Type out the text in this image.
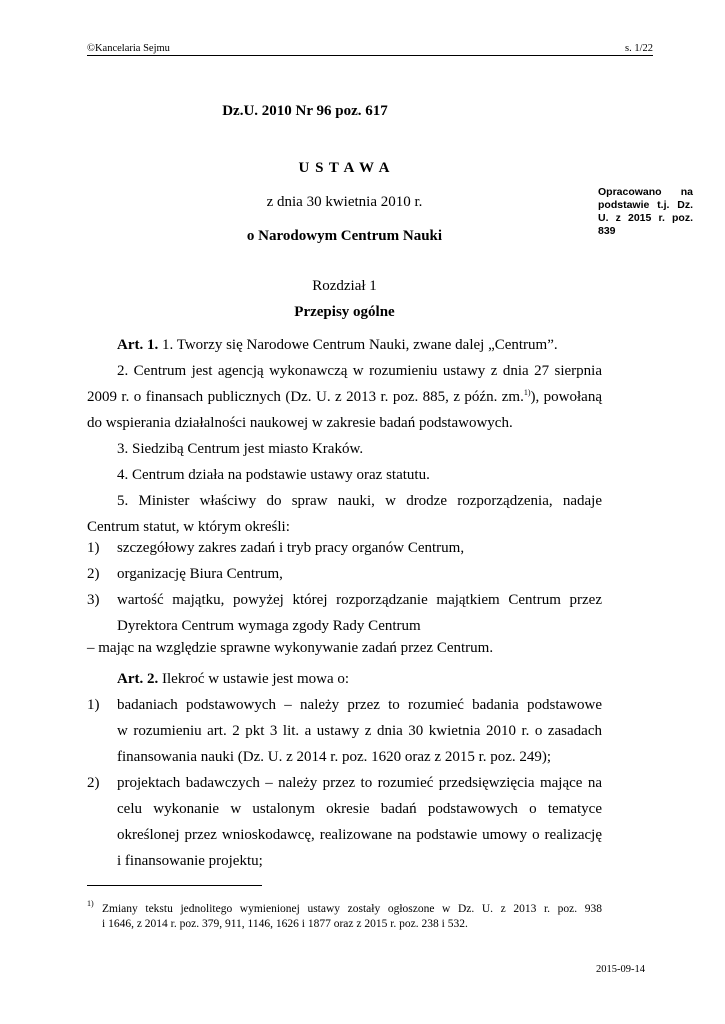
©Kancelaria Sejmu	s. 1/22
Dz.U. 2010 Nr 96 poz. 617
U S T A W A
z dnia 30 kwietnia 2010 r.
o Narodowym Centrum Nauki
Opracowano na
podstawie t.j. Dz.
U. z 2015 r. poz.
839
Rozdział 1
Przepisy ogólne
Art. 1. 1. Tworzy się Narodowe Centrum Nauki, zwane dalej „Centrum”.
2. Centrum jest agencją wykonawczą w rozumieniu ustawy z dnia 27 sierpnia
2009 r. o finansach publicznych (Dz. U. z 2013 r. poz. 885, z późn. zm.$^{1)}$), powołaną
do wspierania działalności naukowej w zakresie badań podstawowych.
3. Siedzibą Centrum jest miasto Kraków.
4. Centrum działa na podstawie ustawy oraz statutu.
5. Minister właściwy do spraw nauki, w drodze rozporządzenia, nadaje
Centrum statut, w którym określi:
1) szczegółowy zakres zadań i tryb pracy organów Centrum,
2) organizację Biura Centrum,
3) wartość majątku, powyżej której rozporządzanie majątkiem Centrum przez
Dyrektora Centrum wymaga zgody Rady Centrum
– mając na względzie sprawne wykonywanie zadań przez Centrum.
Art. 2. Ilekroć w ustawie jest mowa o:
1) badaniach podstawowych – należy przez to rozumieć badania podstawowe
w rozumieniu art. 2 pkt 3 lit. a ustawy z dnia 30 kwietnia 2010 r. o zasadach
finansowania nauki (Dz. U. z 2014 r. poz. 1620 oraz z 2015 r. poz. 249);
2) projektach badawczych – należy przez to rozumieć przedsięwzięcia mające na
celu wykonanie w ustalonym okresie badań podstawowych o tematyce
określonej przez wnioskodawcę, realizowane na podstawie umowy o realizację
i finansowanie projektu;
1) Zmiany tekstu jednolitego wymienionej ustawy zostały ogłoszone w Dz. U. z 2013 r. poz. 938
i 1646, z 2014 r. poz. 379, 911, 1146, 1626 i 1877 oraz z 2015 r. poz. 238 i 532.
2015-09-14
